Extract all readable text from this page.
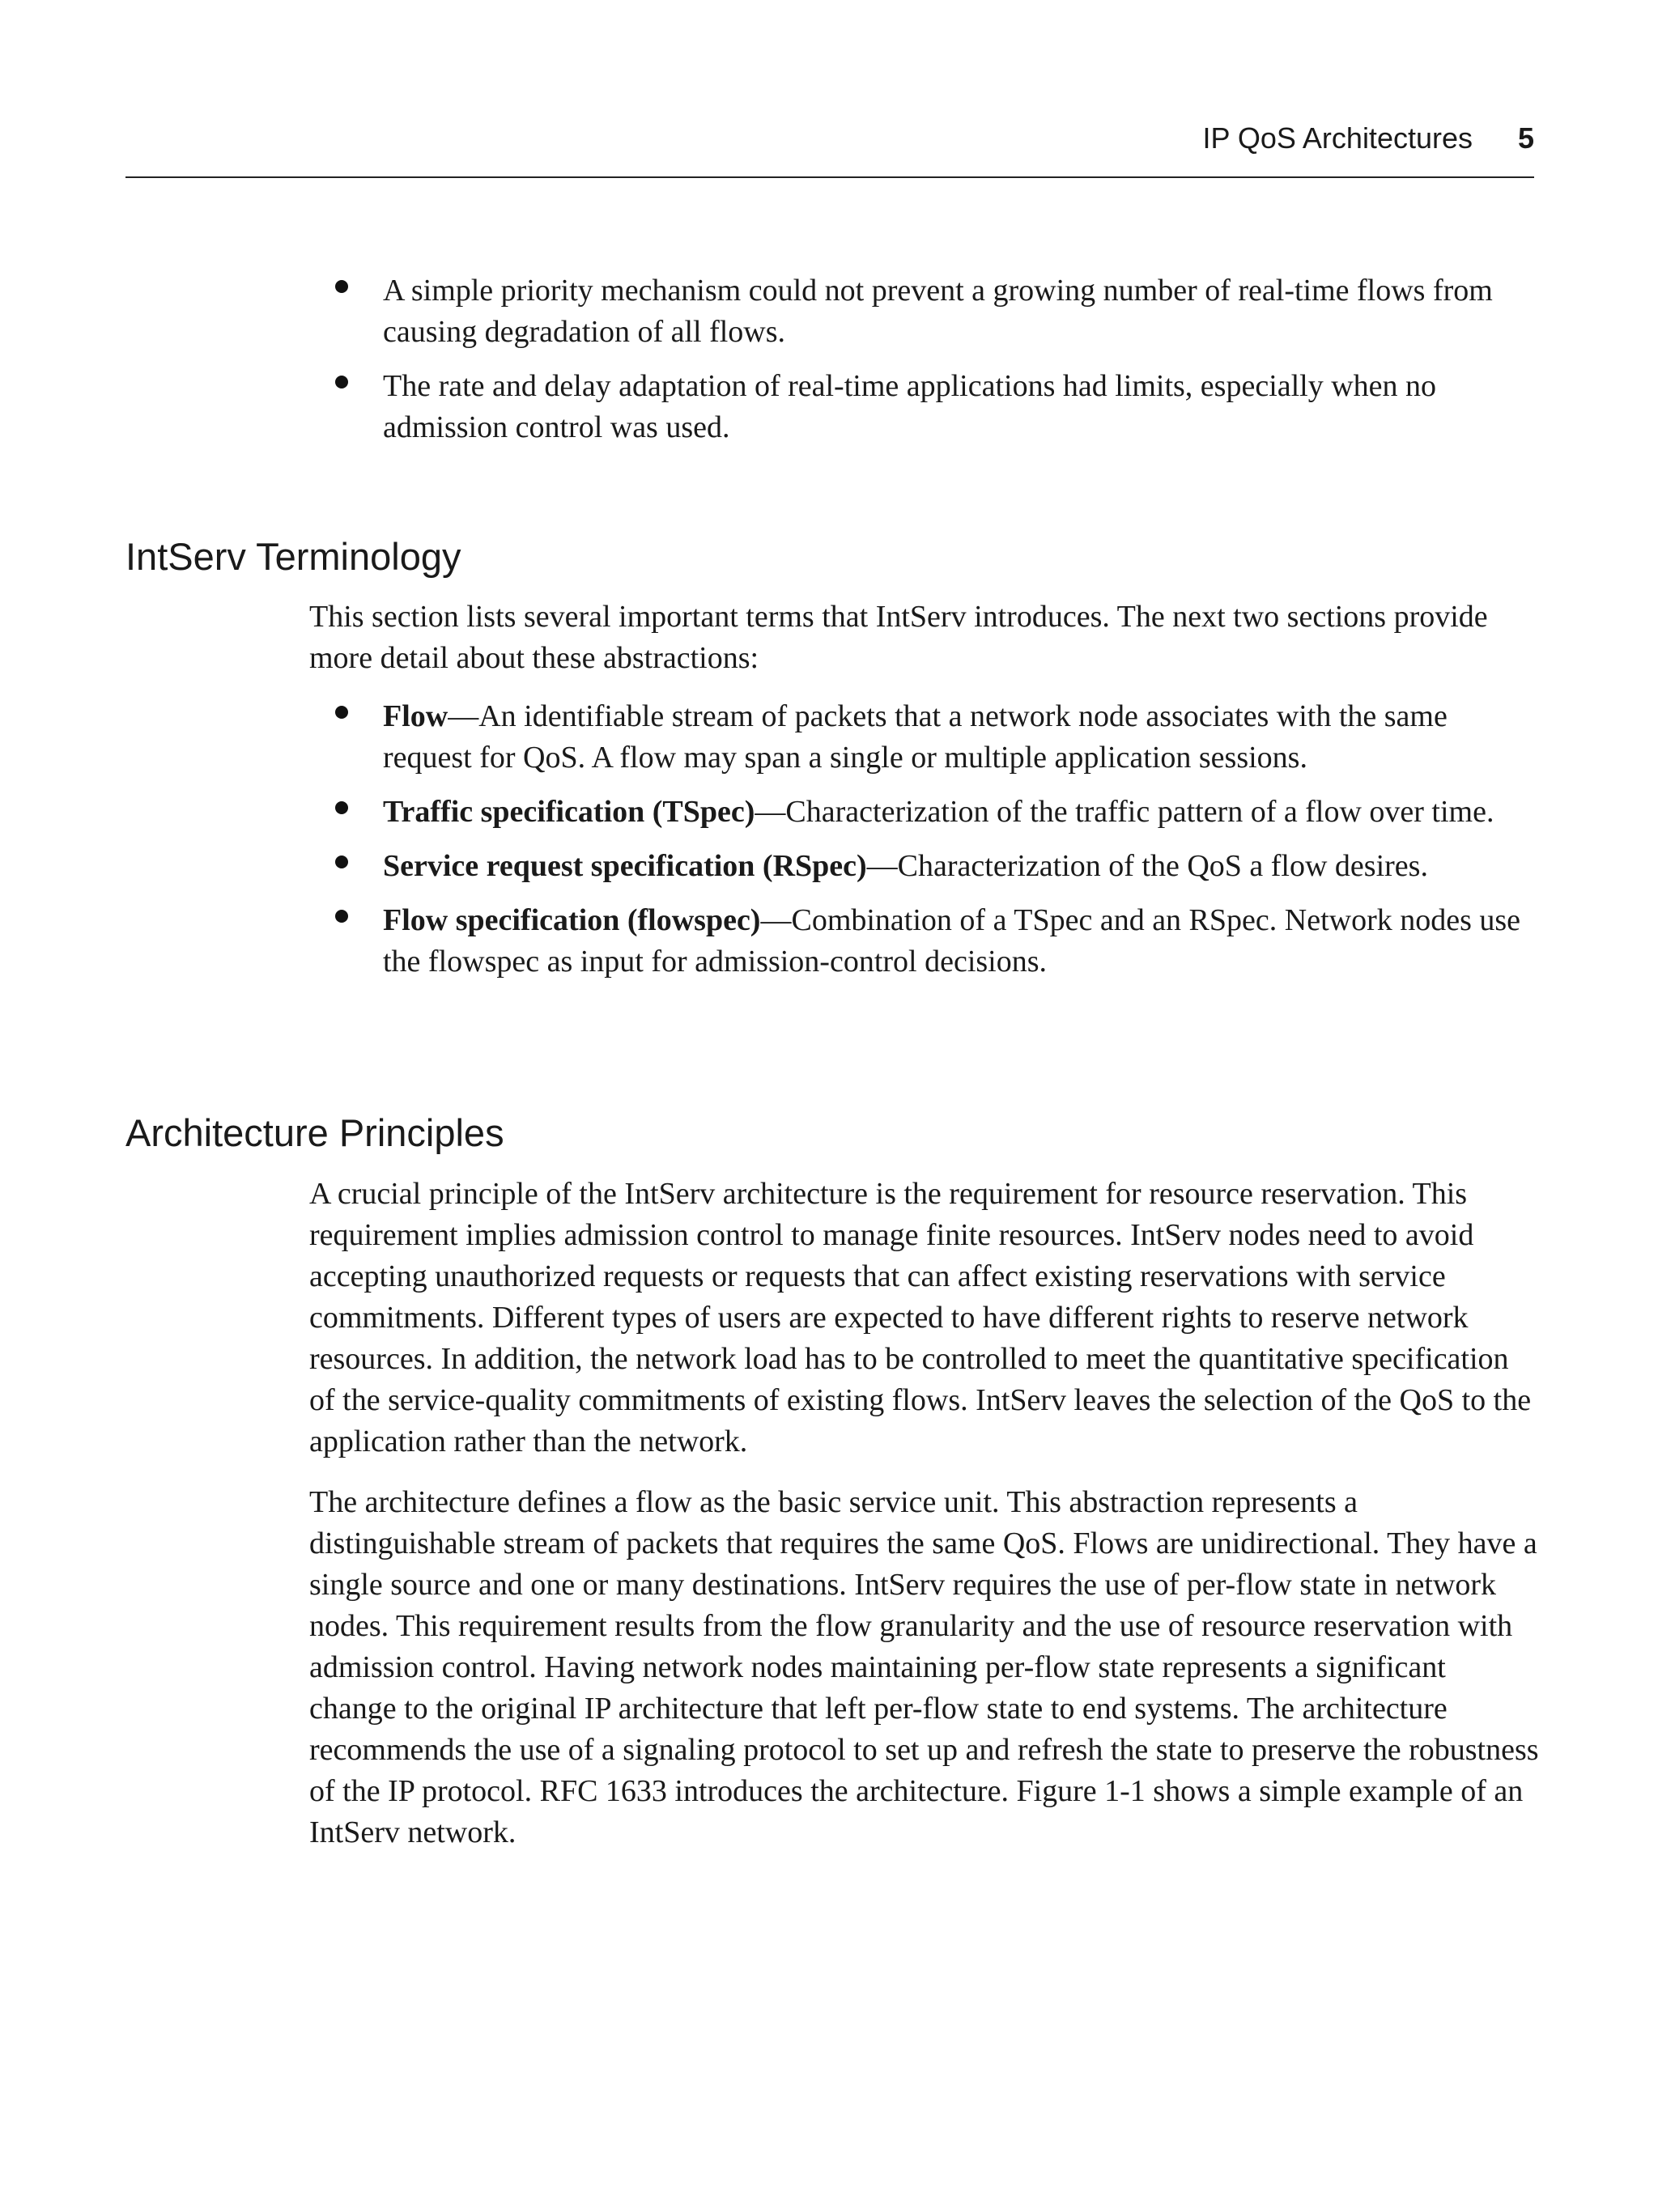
IP QoS Architectures 5
A simple priority mechanism could not prevent a growing number of real-time flows from causing degradation of all flows.
The rate and delay adaptation of real-time applications had limits, especially when no admission control was used.
IntServ Terminology

This section lists several important terms that IntServ introduces. The next two sections provide more detail about these abstractions:

Flow—An identifiable stream of packets that a network node associates with the same request for QoS. A flow may span a single or multiple application sessions.
Traffic specification (TSpec)—Characterization of the traffic pattern of a flow over time.
Service request specification (RSpec)—Characterization of the QoS a flow desires.
Flow specification (flowspec)—Combination of a TSpec and an RSpec. Network nodes use the flowspec as input for admission-control decisions.
Architecture Principles

A crucial principle of the IntServ architecture is the requirement for resource reservation. This requirement implies admission control to manage finite resources. IntServ nodes need to avoid accepting unauthorized requests or requests that can affect existing reservations with service commitments. Different types of users are expected to have different rights to reserve network resources. In addition, the network load has to be controlled to meet the quantitative specification of the service-quality commitments of existing flows. IntServ leaves the selection of the QoS to the application rather than the network.

The architecture defines a flow as the basic service unit. This abstraction represents a distinguishable stream of packets that requires the same QoS. Flows are unidirectional. They have a single source and one or many destinations. IntServ requires the use of per-flow state in network nodes. This requirement results from the flow granularity and the use of resource reservation with admission control. Having network nodes maintaining per-flow state represents a significant change to the original IP architecture that left per-flow state to end systems. The architecture recommends the use of a signaling protocol to set up and refresh the state to preserve the robustness of the IP protocol. RFC 1633 introduces the architecture. Figure 1-1 shows a simple example of an IntServ network.
